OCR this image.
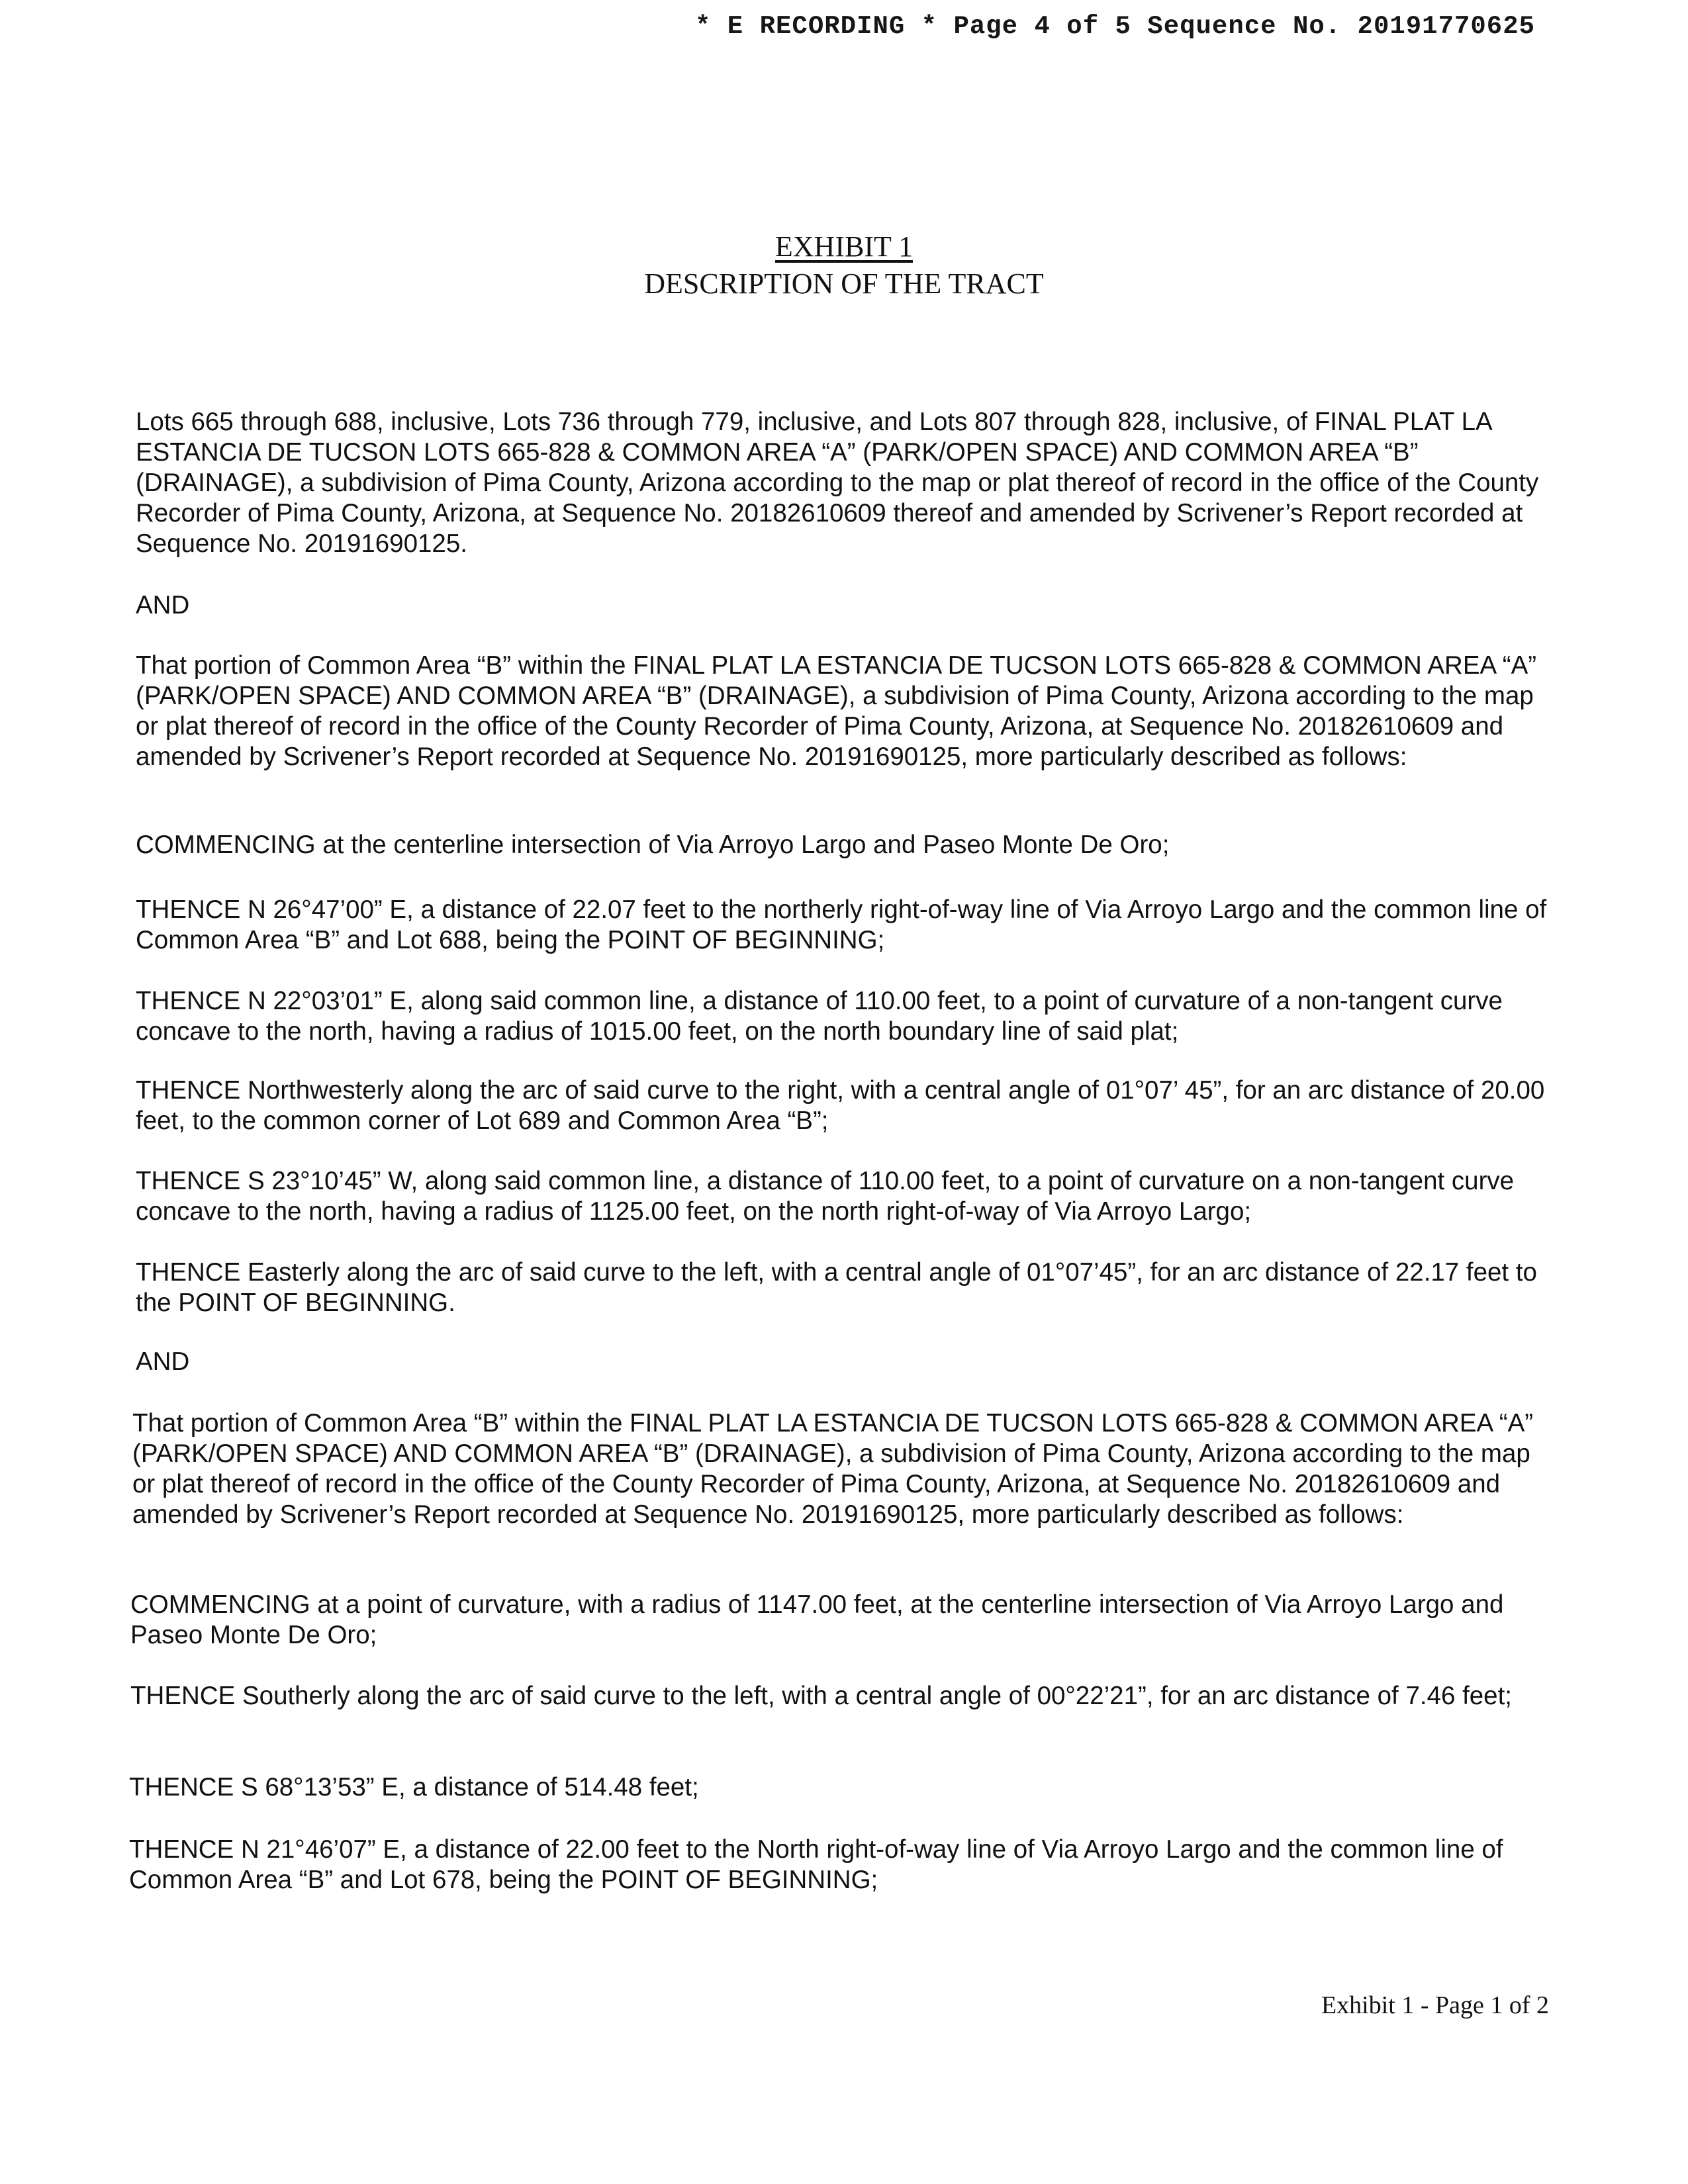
* E RECORDING * Page 4 of 5 Sequence No. 20191770625
EXHIBIT 1
DESCRIPTION OF THE TRACT

Lots 665 through 688, inclusive, Lots 736 through 779, inclusive, and Lots 807 through 828, inclusive, of FINAL PLAT LA ESTANCIA DE TUCSON LOTS 665-828 & COMMON AREA “A” (PARK/OPEN SPACE) AND COMMON AREA “B” (DRAINAGE), a subdivision of Pima County, Arizona according to the map or plat thereof of record in the office of the County Recorder of Pima County, Arizona, at Sequence No. 20182610609 thereof and amended by Scrivener’s Report recorded at Sequence No. 20191690125.

AND

That portion of Common Area “B” within the FINAL PLAT LA ESTANCIA DE TUCSON LOTS 665-828 & COMMON AREA “A” (PARK/OPEN SPACE) AND COMMON AREA “B” (DRAINAGE), a subdivision of Pima County, Arizona according to the map or plat thereof of record in the office of the County Recorder of Pima County, Arizona, at Sequence No. 20182610609 and amended by Scrivener’s Report recorded at Sequence No. 20191690125, more particularly described as follows:

COMMENCING at the centerline intersection of Via Arroyo Largo and Paseo Monte De Oro;

THENCE N 26°47’00” E, a distance of 22.07 feet to the northerly right-of-way line of Via Arroyo Largo and the common line of Common Area “B” and Lot 688, being the POINT OF BEGINNING;

THENCE N 22°03’01” E, along said common line, a distance of 110.00 feet, to a point of curvature of a non-tangent curve concave to the north, having a radius of 1015.00 feet, on the north boundary line of said plat;

THENCE Northwesterly along the arc of said curve to the right, with a central angle of 01°07’ 45”, for an arc distance of 20.00 feet, to the common corner of Lot 689 and Common Area “B”;

THENCE S 23°10’45” W, along said common line, a distance of 110.00 feet, to a point of curvature on a non-tangent curve concave to the north, having a radius of 1125.00 feet, on the north right-of-way of Via Arroyo Largo;

THENCE Easterly along the arc of said curve to the left, with a central angle of 01°07’45”, for an arc distance of 22.17 feet to the POINT OF BEGINNING.

AND

That portion of Common Area “B” within the FINAL PLAT LA ESTANCIA DE TUCSON LOTS 665-828 & COMMON AREA “A” (PARK/OPEN SPACE) AND COMMON AREA “B” (DRAINAGE), a subdivision of Pima County, Arizona according to the map or plat thereof of record in the office of the County Recorder of Pima County, Arizona, at Sequence No. 20182610609 and amended by Scrivener’s Report recorded at Sequence No. 20191690125, more particularly described as follows:

COMMENCING at a point of curvature, with a radius of 1147.00 feet, at the centerline intersection of Via Arroyo Largo and Paseo Monte De Oro;

THENCE Southerly along the arc of said curve to the left, with a central angle of 00°22’21”, for an arc distance of 7.46 feet;

THENCE S 68°13’53” E, a distance of 514.48 feet;

THENCE N 21°46’07” E, a distance of 22.00 feet to the North right-of-way line of Via Arroyo Largo and the common line of Common Area “B” and Lot 678, being the POINT OF BEGINNING;

Exhibit 1 - Page 1 of 2
